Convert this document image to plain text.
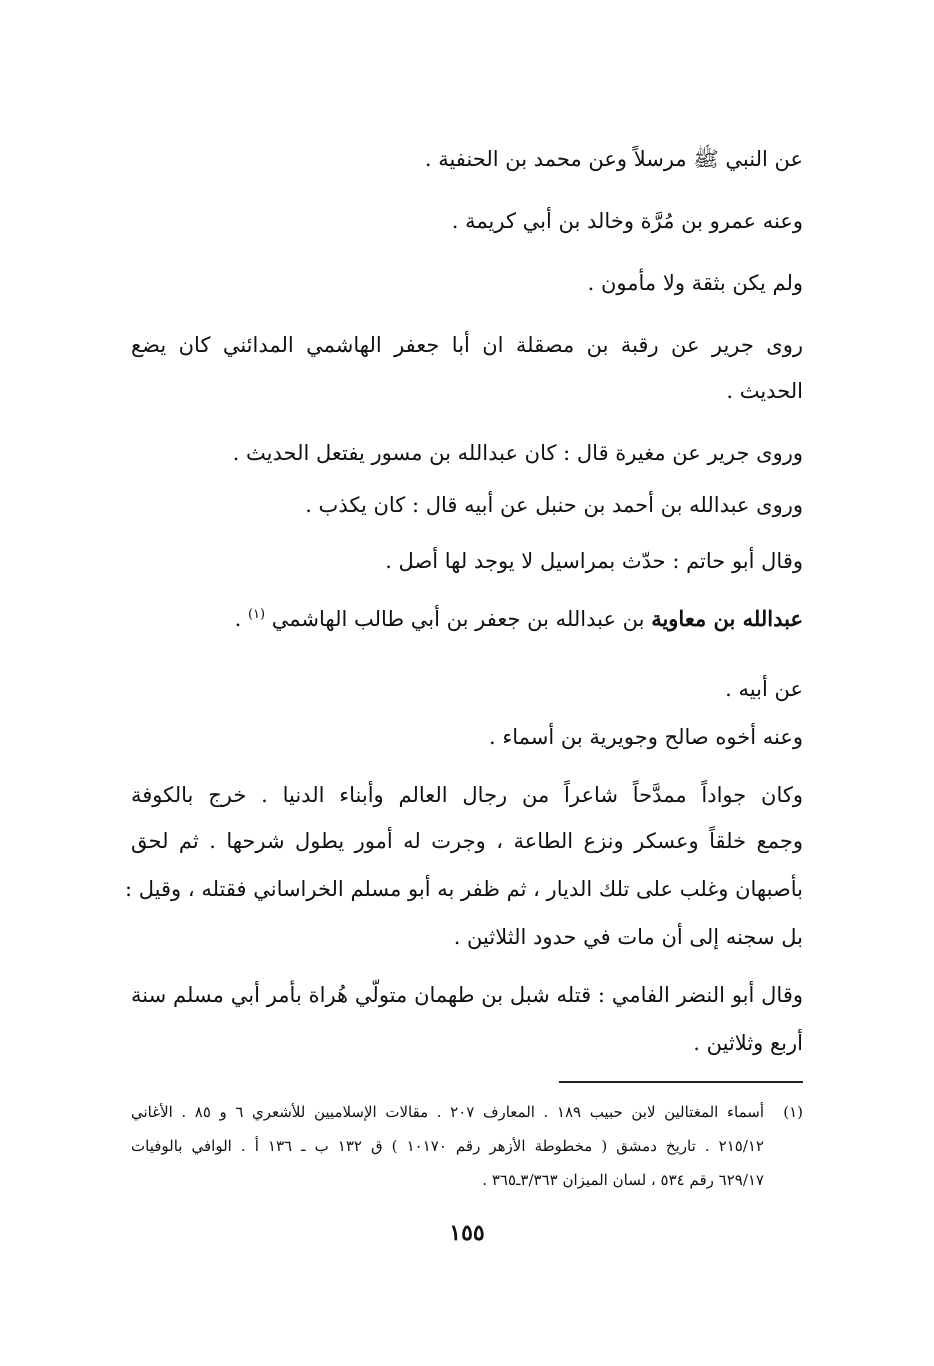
عن النبي ﷺ مرسلاً وعن محمد بن الحنفية .
وعنه عمرو بن مُرَّة وخالد بن أبي كريمة .
ولم يكن بثقة ولا مأمون .
روى جرير عن رقبة بن مصقلة ان أبا جعفر الهاشمي المدائني كان يضع
الحديث .
وروى جرير عن مغيرة قال : كان عبدالله بن مسور يفتعل الحديث .
وروى عبدالله بن أحمد بن حنبل عن أبيه قال : كان يكذب .
وقال أبو حاتم : حدّث بمراسيل لا يوجد لها أصل .
عبدالله بن معاوية بن عبدالله بن جعفر بن أبي طالب الهاشمي $^{(١)}$ .
عن أبيه .
وعنه أخوه صالح وجويرية بن أسماء .
وكان جواداً ممدَّحاً شاعراً من رجال العالم وأبناء الدنيا . خرج بالكوفة
وجمع خلقاً وعسكر ونزع الطاعة ، وجرت له أمور يطول شرحها . ثم لحق
بأصبهان وغلب على تلك الديار ، ثم ظفر به أبو مسلم الخراساني فقتله ، وقيل :
بل سجنه إلى أن مات في حدود الثلاثين .
وقال أبو النضر الفامي : قتله شبل بن طهمان متولّي هُراة بأمر أبي مسلم سنة
أربع وثلاثين .
(١)
أسماء المغتالين لابن حبيب ١٨٩ . المعارف ٢٠٧ . مقالات الإسلاميين للأشعري ٦ و ٨٥ . الأغاني
٢١٥/١٢ . تاريخ دمشق ( مخطوطة الأزهر رقم ١٠١٧٠ ) ق ١٣٢ ب ـ ١٣٦ أ . الوافي بالوفيات
٦٢٩/١٧ رقم ٥٣٤ ، لسان الميزان ٣/٣٦٣ـ٣٦٥ .
١٥٥
